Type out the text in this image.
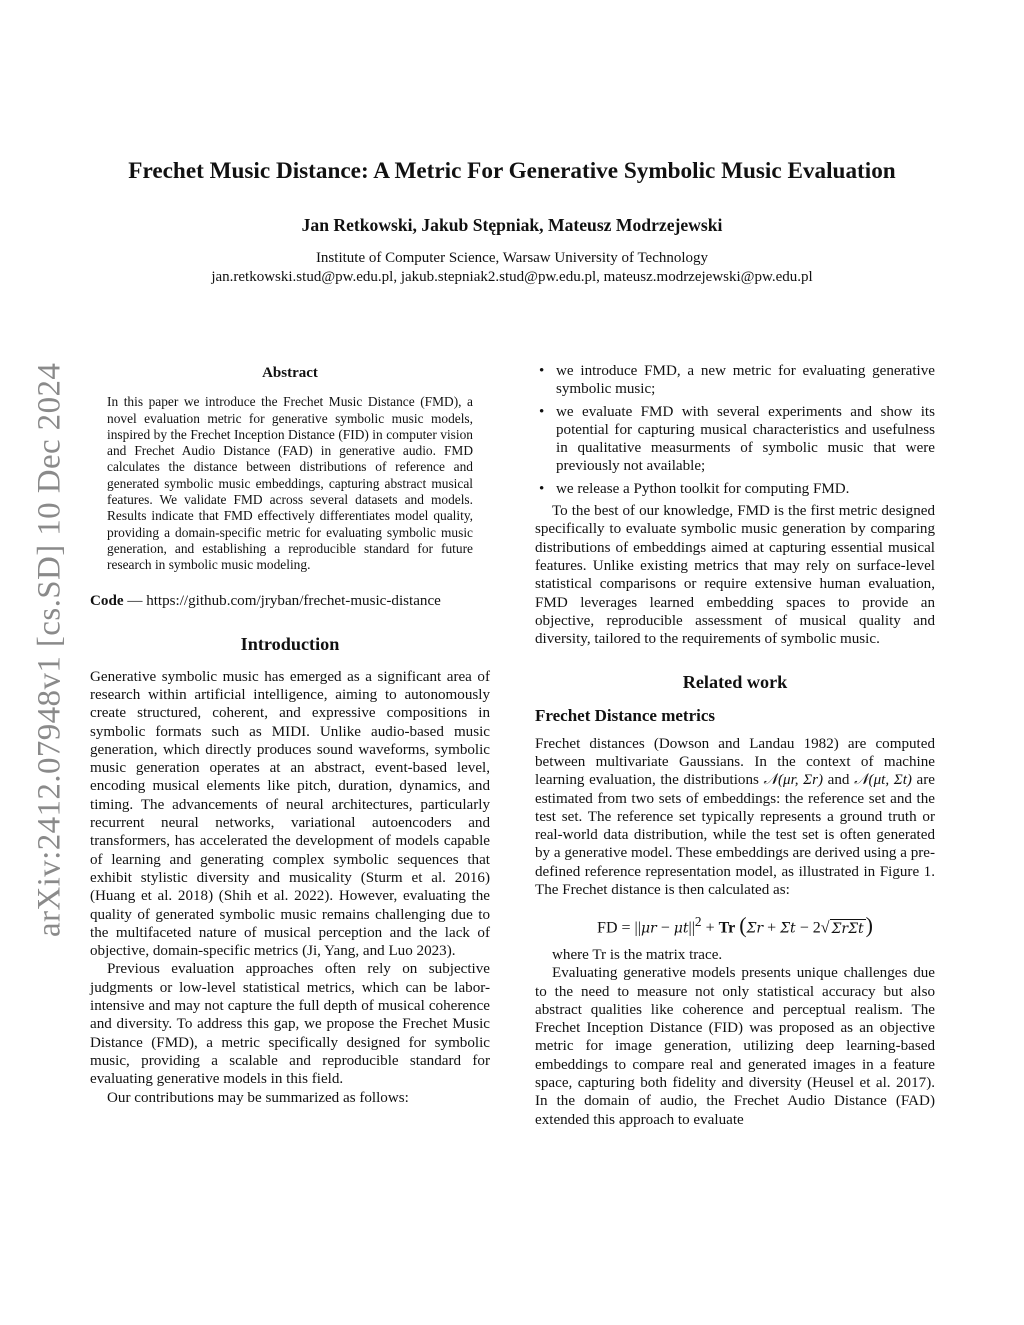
arXiv:2412.07948v1 [cs.SD] 10 Dec 2024
Frechet Music Distance: A Metric For Generative Symbolic Music Evaluation
Jan Retkowski, Jakub Stępniak, Mateusz Modrzejewski
Institute of Computer Science, Warsaw University of Technology
jan.retkowski.stud@pw.edu.pl, jakub.stepniak2.stud@pw.edu.pl, mateusz.modrzejewski@pw.edu.pl
Abstract

In this paper we introduce the Frechet Music Distance (FMD), a novel evaluation metric for generative symbolic music models, inspired by the Frechet Inception Distance (FID) in computer vision and Frechet Audio Distance (FAD) in generative audio. FMD calculates the distance between distributions of reference and generated symbolic music embeddings, capturing abstract musical features. We validate FMD across several datasets and models. Results indicate that FMD effectively differentiates model quality, providing a domain-specific metric for evaluating symbolic music generation, and establishing a reproducible standard for future research in symbolic music modeling.

Code — https://github.com/jryban/frechet-music-distance

Introduction

Generative symbolic music has emerged as a significant area of research within artificial intelligence, aiming to autonomously create structured, coherent, and expressive compositions in symbolic formats such as MIDI. Unlike audio-based music generation, which directly produces sound waveforms, symbolic music generation operates at an abstract, event-based level, encoding musical elements like pitch, duration, dynamics, and timing. The advancements of neural architectures, particularly recurrent neural networks, variational autoencoders and transformers, has accelerated the development of models capable of learning and generating complex symbolic sequences that exhibit stylistic diversity and musicality (Sturm et al. 2016) (Huang et al. 2018) (Shih et al. 2022). However, evaluating the quality of generated symbolic music remains challenging due to the multifaceted nature of musical perception and the lack of objective, domain-specific metrics (Ji, Yang, and Luo 2023).

Previous evaluation approaches often rely on subjective judgments or low-level statistical metrics, which can be labor-intensive and may not capture the full depth of musical coherence and diversity. To address this gap, we propose the Frechet Music Distance (FMD), a metric specifically designed for symbolic music, providing a scalable and reproducible standard for evaluating generative models in this field.

Our contributions may be summarized as follows:

• we introduce FMD, a new metric for evaluating generative symbolic music;
• we evaluate FMD with several experiments and show its potential for capturing musical characteristics and usefulness in qualitative measurments of symbolic music that were previously not available;
• we release a Python toolkit for computing FMD.

To the best of our knowledge, FMD is the first metric designed specifically to evaluate symbolic music generation by comparing distributions of embeddings aimed at capturing essential musical features. Unlike existing metrics that may rely on surface-level statistical comparisons or require extensive human evaluation, FMD leverages learned embedding spaces to provide an objective, reproducible assessment of musical quality and diversity, tailored to the requirements of symbolic music.

Related work
Frechet Distance metrics

Frechet distances (Dowson and Landau 1982) are computed between multivariate Gaussians. In the context of machine learning evaluation, the distributions 𝒩(μr, Σr) and 𝒩(μt, Σt) are estimated from two sets of embeddings: the reference set and the test set. The reference set typically represents a ground truth or real-world data distribution, while the test set is often generated by a generative model. These embeddings are derived using a pre-defined reference representation model, as illustrated in Figure 1. The Frechet distance is then calculated as:

FD = $||\mu r - \mu t||^2 + Tr$ (Σr + Σt − 2√ ΣrΣt)

where Tr is the matrix trace.

Evaluating generative models presents unique challenges due to the need to measure not only statistical accuracy but also abstract qualities like coherence and perceptual realism. The Frechet Inception Distance (FID) was proposed as an objective metric for image generation, utilizing deep learning-based embeddings to compare real and generated images in a feature space, capturing both fidelity and diversity (Heusel et al. 2017). In the domain of audio, the Frechet Audio Distance (FAD) extended this approach to evaluate
